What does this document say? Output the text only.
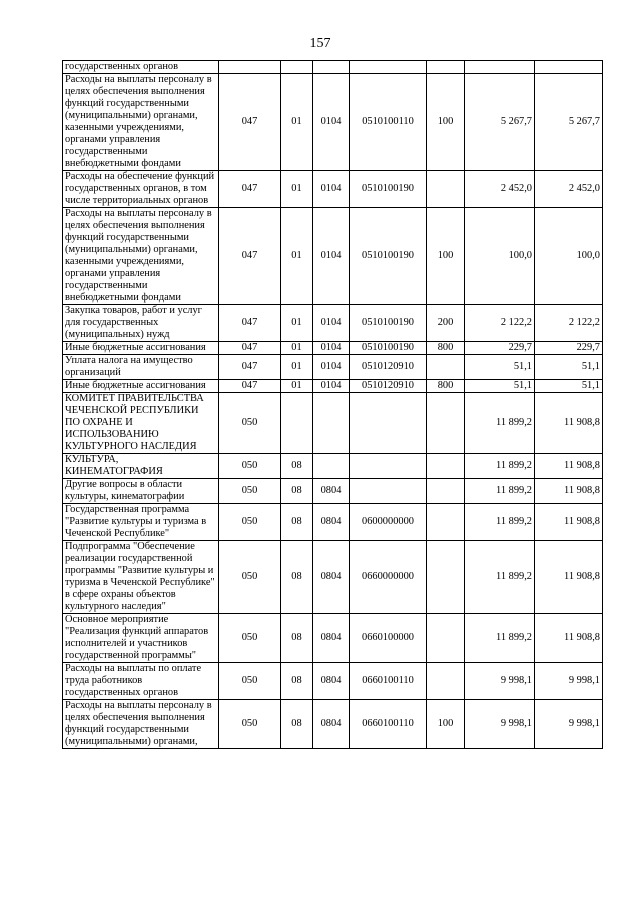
157
государственных органов							
Расходы на выплаты персоналу в целях обеспечения выполнения функций государственными (муниципальными) органами, казенными учреждениями, органами управления государственными внебюджетными фондами	047	01	0104	0510100110	100	5 267,7	5 267,7
Расходы на обеспечение функций государственных органов, в том числе территориальных органов	047	01	0104	0510100190		2 452,0	2 452,0
Расходы на выплаты персоналу в целях обеспечения выполнения функций государственными (муниципальными) органами, казенными учреждениями, органами управления государственными внебюджетными фондами	047	01	0104	0510100190	100	100,0	100,0
Закупка товаров, работ и услуг для государственных (муниципальных) нужд	047	01	0104	0510100190	200	2 122,2	2 122,2
Иные бюджетные ассигнования	047	01	0104	0510100190	800	229,7	229,7
Уплата налога на имущество организаций	047	01	0104	0510120910		51,1	51,1
Иные бюджетные ассигнования	047	01	0104	0510120910	800	51,1	51,1
КОМИТЕТ ПРАВИТЕЛЬСТВА ЧЕЧЕНСКОЙ РЕСПУБЛИКИ ПО ОХРАНЕ И ИСПОЛЬЗОВАНИЮ КУЛЬТУРНОГО НАСЛЕДИЯ	050					11 899,2	11 908,8
КУЛЬТУРА, КИНЕМАТОГРАФИЯ	050	08				11 899,2	11 908,8
Другие вопросы в области культуры, кинематографии	050	08	0804			11 899,2	11 908,8
Государственная программа "Развитие культуры и туризма в Чеченской Республике"	050	08	0804	0600000000		11 899,2	11 908,8
Подпрограмма "Обеспечение реализации государственной программы "Развитие культуры и туризма в Чеченской Республике" в сфере охраны объектов культурного наследия"	050	08	0804	0660000000		11 899,2	11 908,8
Основное мероприятие "Реализация функций аппаратов исполнителей и участников государственной программы"	050	08	0804	0660100000		11 899,2	11 908,8
Расходы на выплаты по оплате труда работников государственных органов	050	08	0804	0660100110		9 998,1	9 998,1
Расходы на выплаты персоналу в целях обеспечения выполнения функций государственными (муниципальными) органами,	050	08	0804	0660100110	100	9 998,1	9 998,1
